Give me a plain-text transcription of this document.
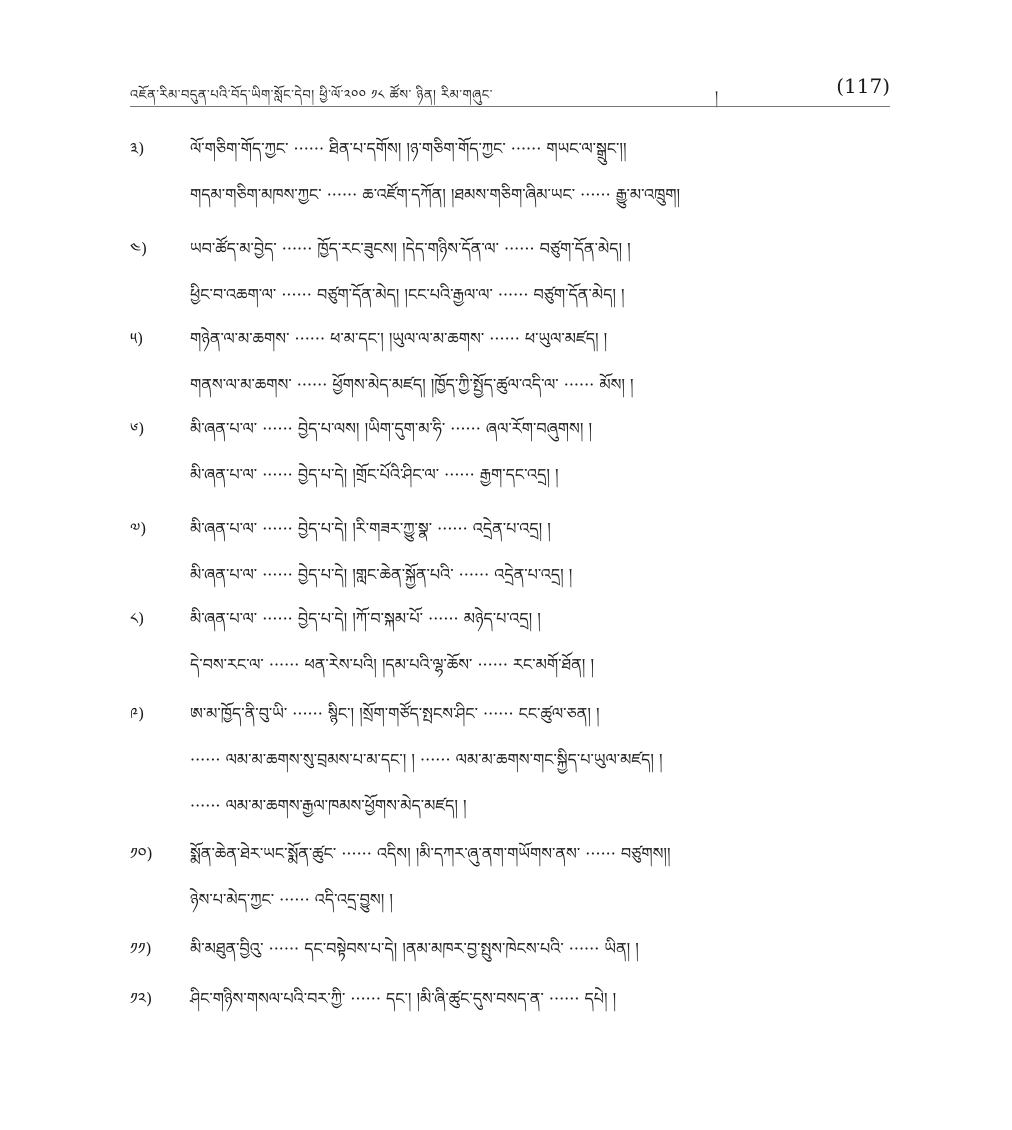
འཇོན་རིམ་བདུན་པའི་བོད་ཡིག་སློང་དེབ། ཕྱི་ལོ་༢༠༠ ༡༨ ཚོས་ ཉིན། རིམ་གཞུང་	།	(117)
༣)	ལོ་གཅིག་གོད་ཀྱང་ ······ ཐིན་པ་དགོས། །ཉ་གཅིག་གོད་ཀྱང་ ······ གཡང་ལ་སྒྲུང་།།
གདམ་གཅིག་མཁས་ཀྱང་ ······ ཆ་འཛོག་དཀོན། །ཐམས་གཅིག་ཞིམ་ཡང་ ······ རྒྱུ་མ་འཁྲུག།
༤)	ཡབ་ཚོད་མ་བྱེད་ ······ ཁྱོད་རང་ཟུངས། །དེད་གཉིས་དོན་ལ་ ······ བཙུག་དོན་མེད། །
ཕྱིང་བ་འཆག་ལ་ ······ བཙུག་དོན་མེད། །ངང་པའི་རྒྱལ་ལ་ ······ བཙུག་དོན་མེད། །
༥)	གཉེན་ལ་མ་ཆགས་ ······ ཕ་མ་དང་། །ཡུལ་ལ་མ་ཆགས་ ······ ཕ་ཡུལ་མཛད། །
གནས་ལ་མ་ཆགས་ ······ ཕྱོགས་མེད་མཛད། །ཁྱོད་ཀྱི་སྤྱོད་ཚུལ་འདི་ལ་ ······ མོས། །
༦)	མི་ཞན་པ་ལ་ ······ བྱེད་པ་ལས། །ཡིག་དུག་མ་ཧི་ ······ ཞལ་རོག་བཞུགས། །
མི་ཞན་པ་ལ་ ······ བྱེད་པ་དེ། །གྲོང་པོའི་ཤིང་ལ་ ······ རྒྱག་དང་འདྲ། །
༧)	མི་ཞན་པ་ལ་ ······ བྱེད་པ་དེ། །རི་གཟར་ཀྱུ་སྣ་ ······ འདྲེན་པ་འདྲ། །
མི་ཞན་པ་ལ་ ······ བྱེད་པ་དེ། །གླང་ཆེན་སྐྱོན་པའི་ ······ འདྲེན་པ་འདྲ། །
༨)	མི་ཞན་པ་ལ་ ······ བྱེད་པ་དེ། །ཀོ་བ་སྐམ་པོ་ ······ མཉེད་པ་འདྲ། །
དེ་བས་རང་ལ་ ······ ཕན་རེས་པའི། །དམ་པའི་ལྷ་ཆོས་ ······ རང་མགོ་ཐོན། །
༩)	ཨ་མ་ཁྱོད་ནི་བུ་ཡི་ ······ སྙིང་། །སྲོག་གཙོད་སྤངས་ཤིང་ ······ ངང་ཚུལ་ཅན། །
······ ལམ་མ་ཆགས་སུ་བྲམས་པ་མ་དང་། ། ······ ལམ་མ་ཆགས་གང་སྐྱིད་པ་ཡུལ་མཛད། །
······ ལམ་མ་ཆགས་རྒྱལ་ཁམས་ཕྱོགས་མེད་མཛད། །
༡༠)	སྨོན་ཆེན་ཐེར་ཡང་སྨོན་ཚུང་ ······ འདིས། །མི་དཀར་ཞུ་ནག་གཡོགས་ནས་ ······ བཙུགས།།
ཉེས་པ་མེད་ཀྱང་ ······ འདི་འདྲ་བྱུས། །
༡༡)	མི་མཐུན་བྱིའུ་ ······ དང་བསྟེབས་པ་དེ། །ནམ་མཁར་བྱ་སྤུས་ཁེངས་པའི་ ······ ཡིན། །
༡༢)	ཤིང་གཉིས་གསལ་པའི་བར་ཀྱི་ ······ དང་། །མི་ཞི་ཚུང་དུས་བསད་ན་ ······ དཔེ། །
